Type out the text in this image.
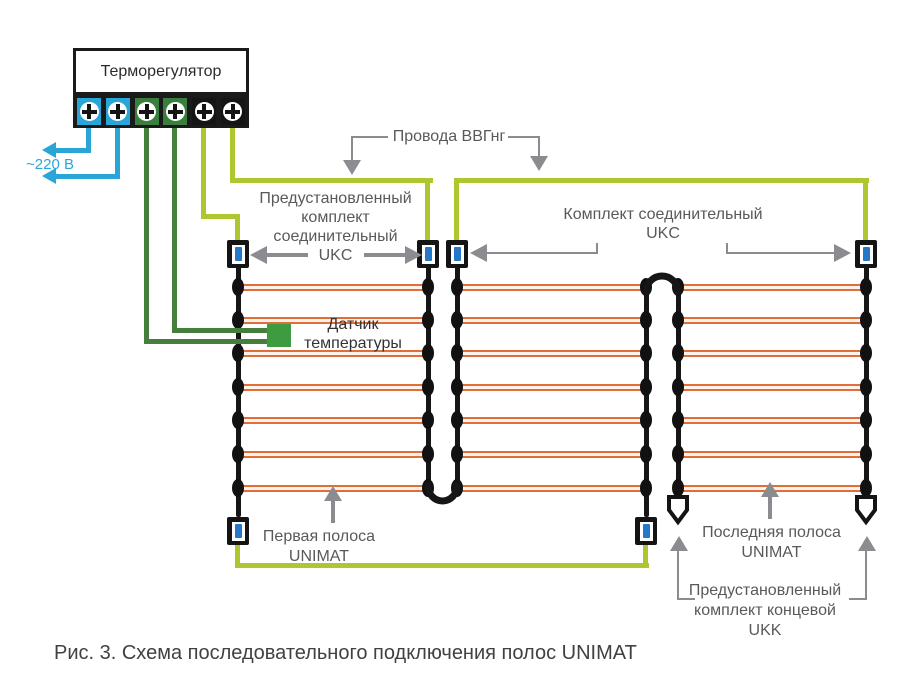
Терморегулятор
~220 В
Провода ВВГнг
Предустановленный
комплект
соединительный
UKC
Комплект соединительный
UKC
Датчик
температуры
Первая полоса
UNIMAT
Последняя полоса
UNIMAT
Предустановленный
комплект концевой
UKK
Рис. 3. Схема последовательного подключения полос UNIMAT
